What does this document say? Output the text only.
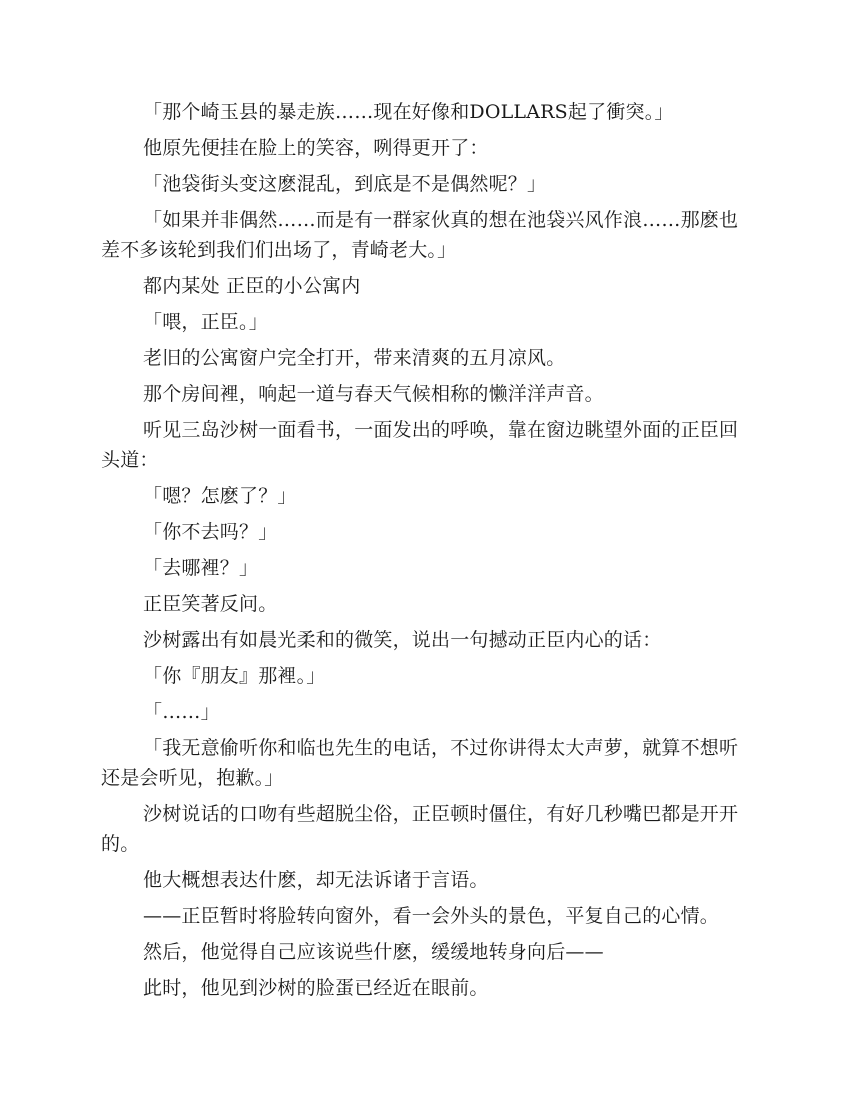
「那个崎玉县的暴走族……现在好像和DOLLARS起了衝突。」

他原先便挂在脸上的笑容，咧得更开了：

「池袋街头变这麽混乱，到底是不是偶然呢？」

「如果并非偶然……而是有一群家伙真的想在池袋兴风作浪……那麽也差不多该轮到我们们出场了，青崎老大。」

都内某处 正臣的小公寓内

「喂，正臣。」

老旧的公寓窗户完全打开，带来清爽的五月凉风。

那个房间裡，响起一道与春天气候相称的懒洋洋声音。

听见三岛沙树一面看书，一面发出的呼唤，靠在窗边眺望外面的正臣回头道：

「嗯？怎麽了？」

「你不去吗？」

「去哪裡？」

正臣笑著反问。

沙树露出有如晨光柔和的微笑，说出一句撼动正臣内心的话：

「你『朋友』那裡。」

「……」

「我无意偷听你和临也先生的电话，不过你讲得太大声萝，就算不想听还是会听见，抱歉。」

沙树说话的口吻有些超脱尘俗，正臣顿时僵住，有好几秒嘴巴都是开开的。

他大概想表达什麽，却无法诉诸于言语。

——正臣暂时将脸转向窗外，看一会外头的景色，平复自己的心情。

然后，他觉得自己应该说些什麽，缓缓地转身向后——

此时，他见到沙树的脸蛋已经近在眼前。
